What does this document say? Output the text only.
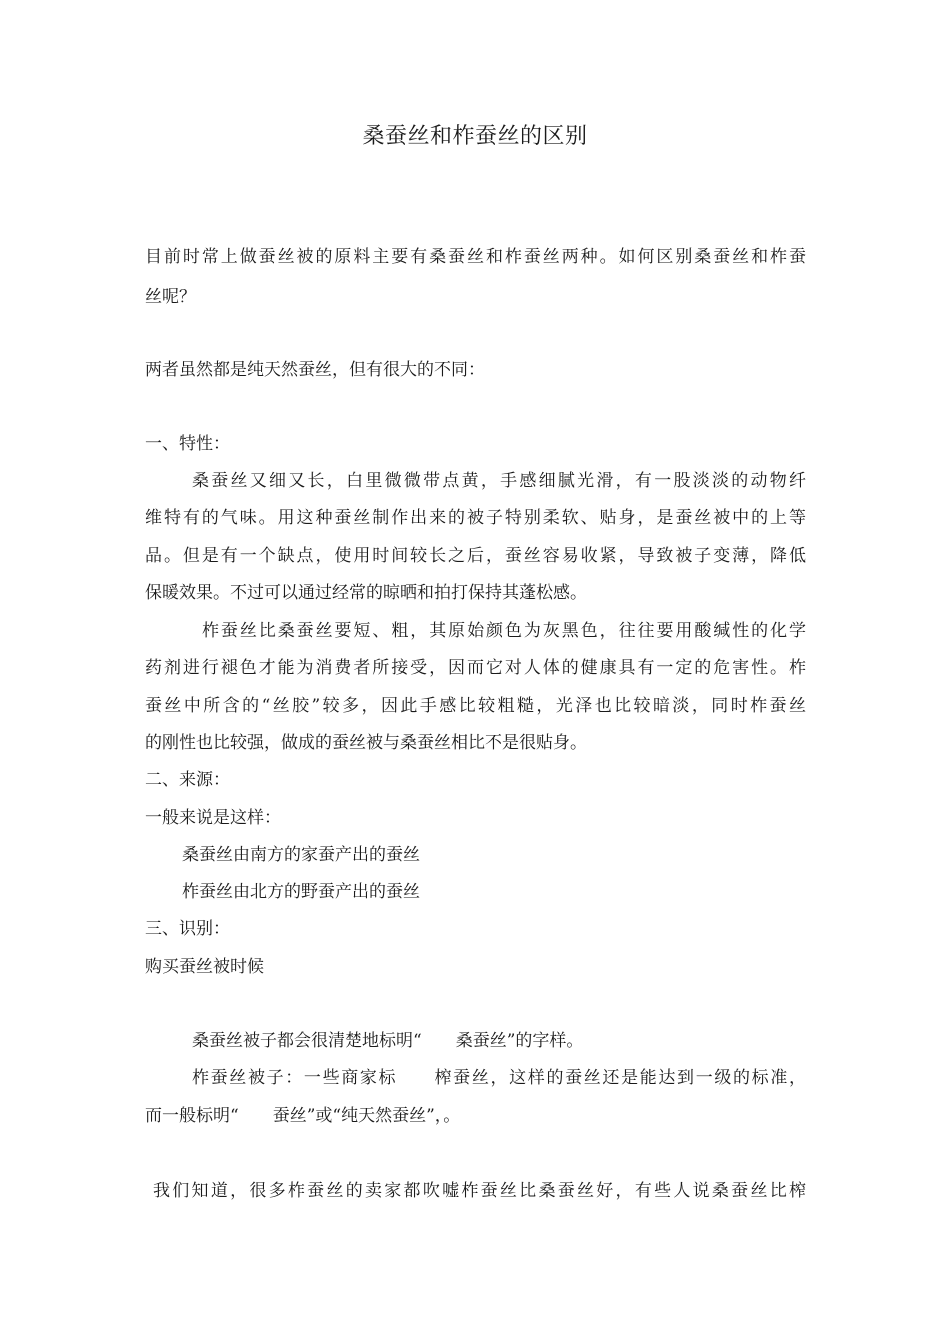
桑蚕丝和柞蚕丝的区别
目前时常上做蚕丝被的原料主要有桑蚕丝和柞蚕丝两种。如何区别桑蚕丝和柞蚕
丝呢？
两者虽然都是纯天然蚕丝，但有很大的不同：
一、特性：
桑蚕丝又细又长，白里微微带点黄，手感细腻光滑，有一股淡淡的动物纤
维特有的气味。用这种蚕丝制作出来的被子特别柔软、贴身，是蚕丝被中的上等
品。但是有一个缺点，使用时间较长之后，蚕丝容易收紧，导致被子变薄，降低
保暖效果。不过可以通过经常的晾晒和拍打保持其蓬松感。
柞蚕丝比桑蚕丝要短、粗，其原始颜色为灰黑色，往往要用酸缄性的化学
药剂进行褪色才能为消费者所接受，因而它对人体的健康具有一定的危害性。柞
蚕丝中所含的“丝胶”较多，因此手感比较粗糙，光泽也比较暗淡，同时柞蚕丝
的刚性也比较强，做成的蚕丝被与桑蚕丝相比不是很贴身。
二、来源：
一般来说是这样：
桑蚕丝由南方的家蚕产出的蚕丝
柞蚕丝由北方的野蚕产出的蚕丝
三、识别：
购买蚕丝被时候
桑蚕丝被子都会很清楚地标明“　　桑蚕丝”的字样。
柞蚕丝被子：一些商家标　　榨蚕丝，这样的蚕丝还是能达到一级的标准，
而一般标明“　　蚕丝”或“纯天然蚕丝”，。
我们知道，很多柞蚕丝的卖家都吹嘘柞蚕丝比桑蚕丝好，有些人说桑蚕丝比榨
